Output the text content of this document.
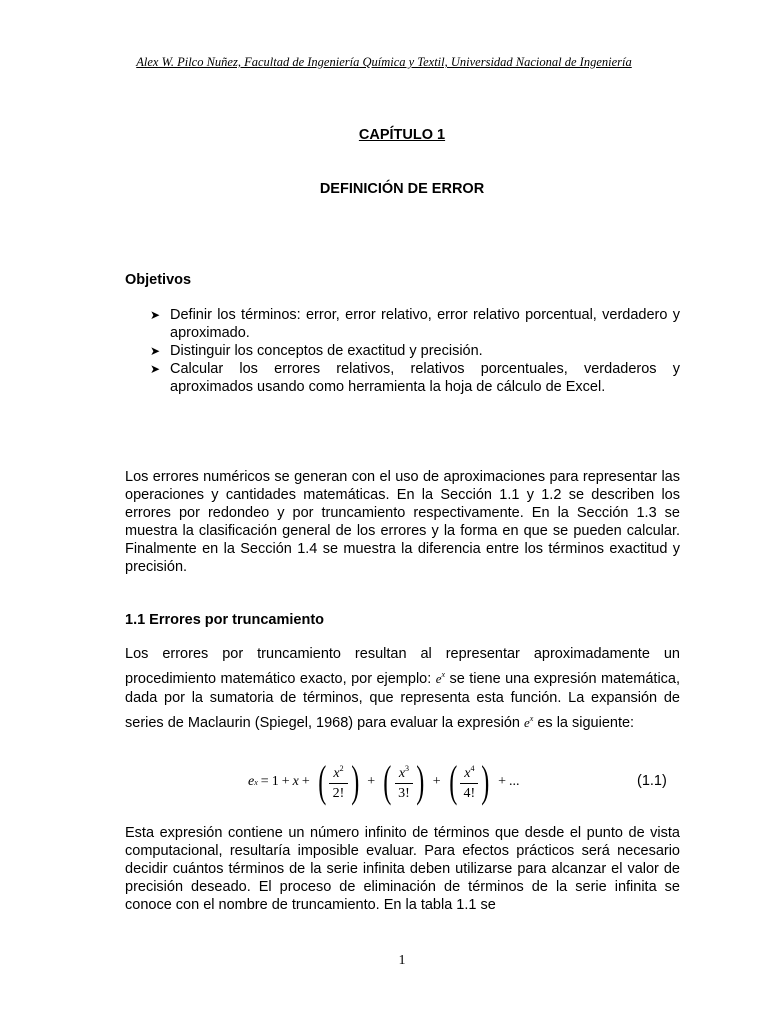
Alex W. Pilco Nuñez, Facultad de Ingeniería Química y Textil, Universidad Nacional de Ingeniería
CAPÍTULO 1
DEFINICIÓN DE ERROR
Objetivos
➤ Definir los términos: error, error relativo, error relativo porcentual, verdadero y aproximado.
➤ Distinguir los conceptos de exactitud y precisión.
➤ Calcular los errores relativos, relativos porcentuales, verdaderos y aproximados usando como herramienta la hoja de cálculo de Excel.
Los errores numéricos se generan con el uso de aproximaciones para representar las operaciones y cantidades matemáticas. En la Sección 1.1 y 1.2 se describen los errores por redondeo y por truncamiento respectivamente. En la Sección 1.3 se muestra la clasificación general de los errores y la forma en que se pueden calcular. Finalmente en la Sección 1.4 se muestra la diferencia entre los términos exactitud y precisión.
1.1 Errores por truncamiento
Los errores por truncamiento resultan al representar aproximadamente un procedimiento matemático exacto, por ejemplo: $e^x$ se tiene una expresión matemática, dada por la sumatoria de términos, que representa esta función. La expansión de series de Maclaurin (Spiegel, 1968) para evaluar la expresión $e^x$ es la siguiente:
e x = 1 + x + ( $\frac{x^2}{2!}$ ) + ( $\frac{x^3}{3!}$ ) + ( $\frac{x^4}{4!}$ ) + ...	(1.1)
Esta expresión contiene un número infinito de términos que desde el punto de vista computacional, resultaría imposible evaluar. Para efectos prácticos será necesario decidir cuántos términos de la serie infinita deben utilizarse para alcanzar el valor de precisión deseado. El proceso de eliminación de términos de la serie infinita se conoce con el nombre de truncamiento. En la tabla 1.1 se
1
